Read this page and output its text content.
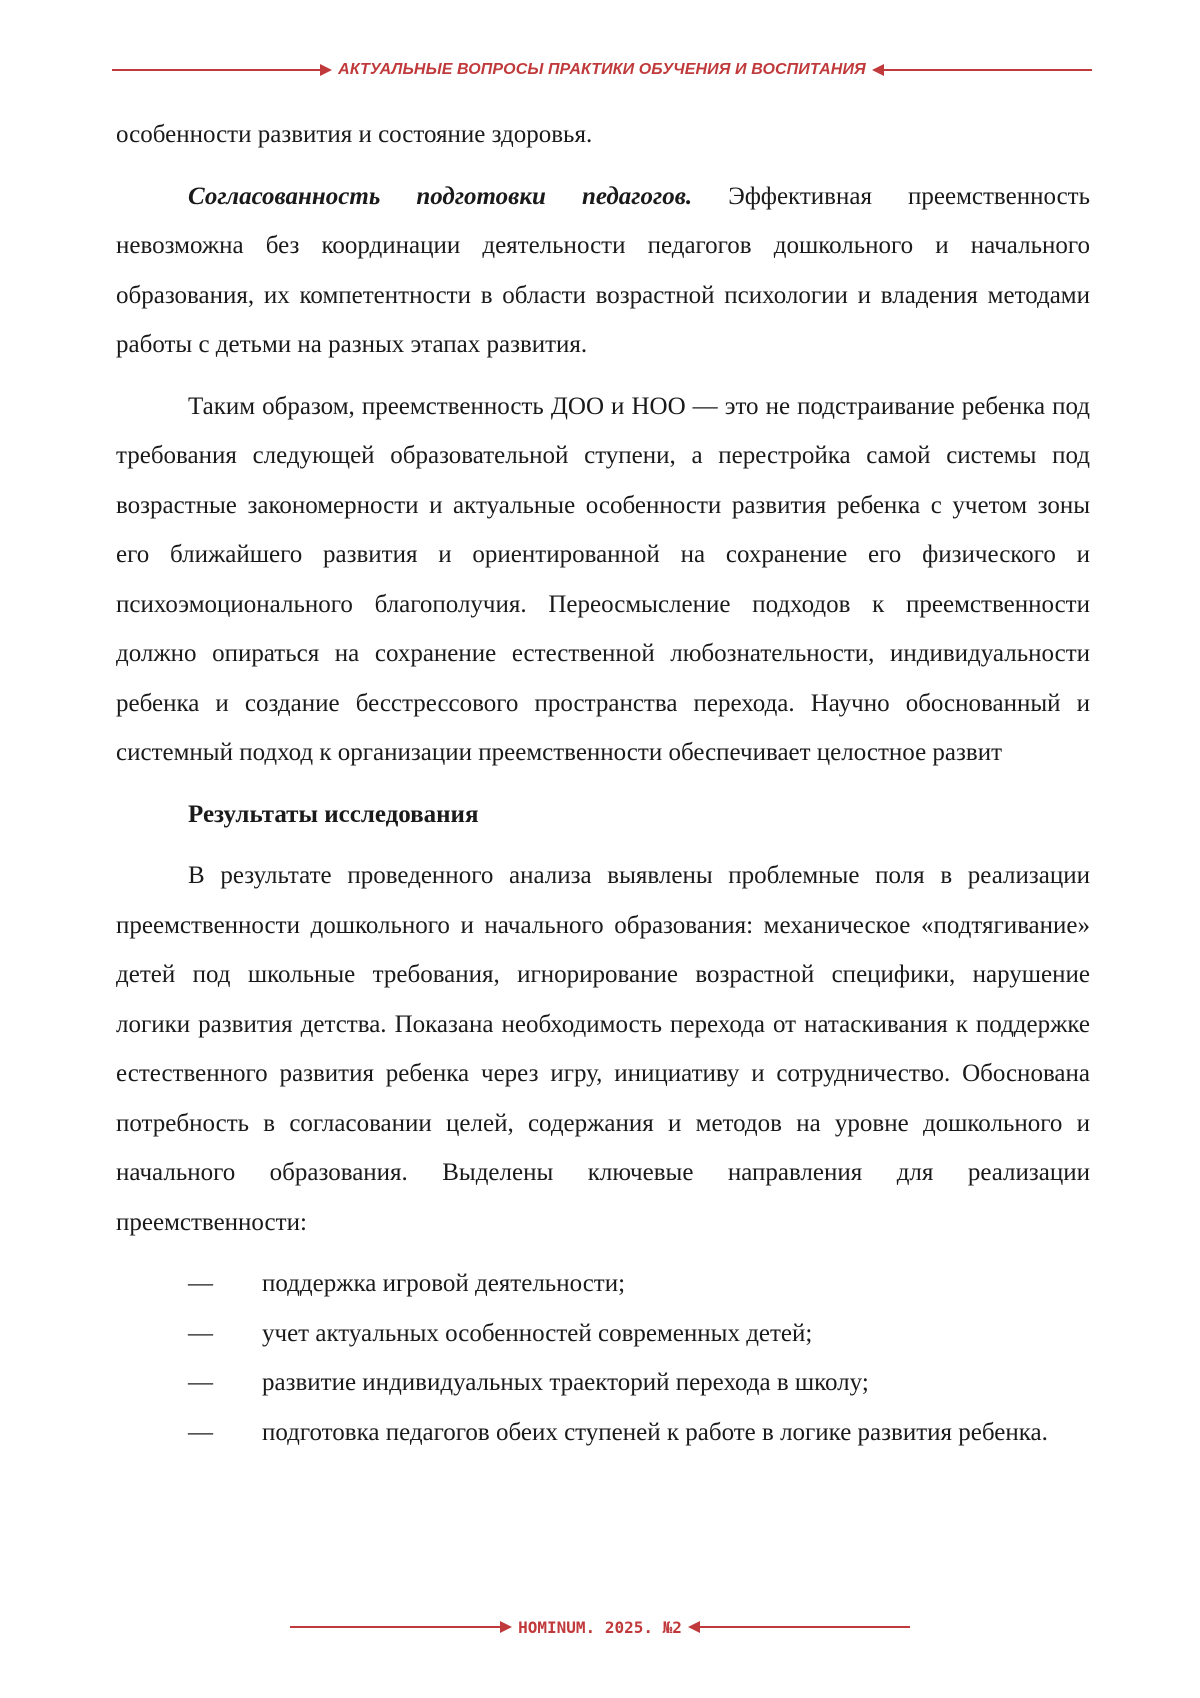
АКТУАЛЬНЫЕ ВОПРОСЫ ПРАКТИКИ ОБУЧЕНИЯ И ВОСПИТАНИЯ

особенности развития и состояние здоровья.

Согласованность подготовки педагогов. Эффективная преемственность невозможна без координации деятельности педагогов дошкольного и начального образования, их компетентности в области возрастной психологии и владения методами работы с детьми на разных этапах развития.

Таким образом, преемственность ДОО и НОО — это не подстраивание ребенка под требования следующей образовательной ступени, а перестройка самой системы под возрастные закономерности и актуальные особенности развития ребенка с учетом зоны его ближайшего развития и ориентированной на сохранение его физического и психоэмоционального благополучия. Переосмысление подходов к преемственности должно опираться на сохранение естественной любознательности, индивидуальности ребенка и создание бесстрессового пространства перехода. Научно обоснованный и системный подход к организации преемственности обеспечивает целостное развит

Результаты исследования

В результате проведенного анализа выявлены проблемные поля в реализации преемственности дошкольного и начального образования: механическое «подтягивание» детей под школьные требования, игнорирование возрастной специфики, нарушение логики развития детства. Показана необходимость перехода от натаскивания к поддержке естественного развития ребенка через игру, инициативу и сотрудничество. Обоснована потребность в согласовании целей, содержания и методов на уровне дошкольного и начального образования. Выделены ключевые направления для реализации преемственности:

— поддержка игровой деятельности;
— учет актуальных особенностей современных детей;
— развитие индивидуальных траекторий перехода в школу;
— подготовка педагогов обеих ступеней к работе в логике развития ребенка.
HOMINUM. 2025. №2
